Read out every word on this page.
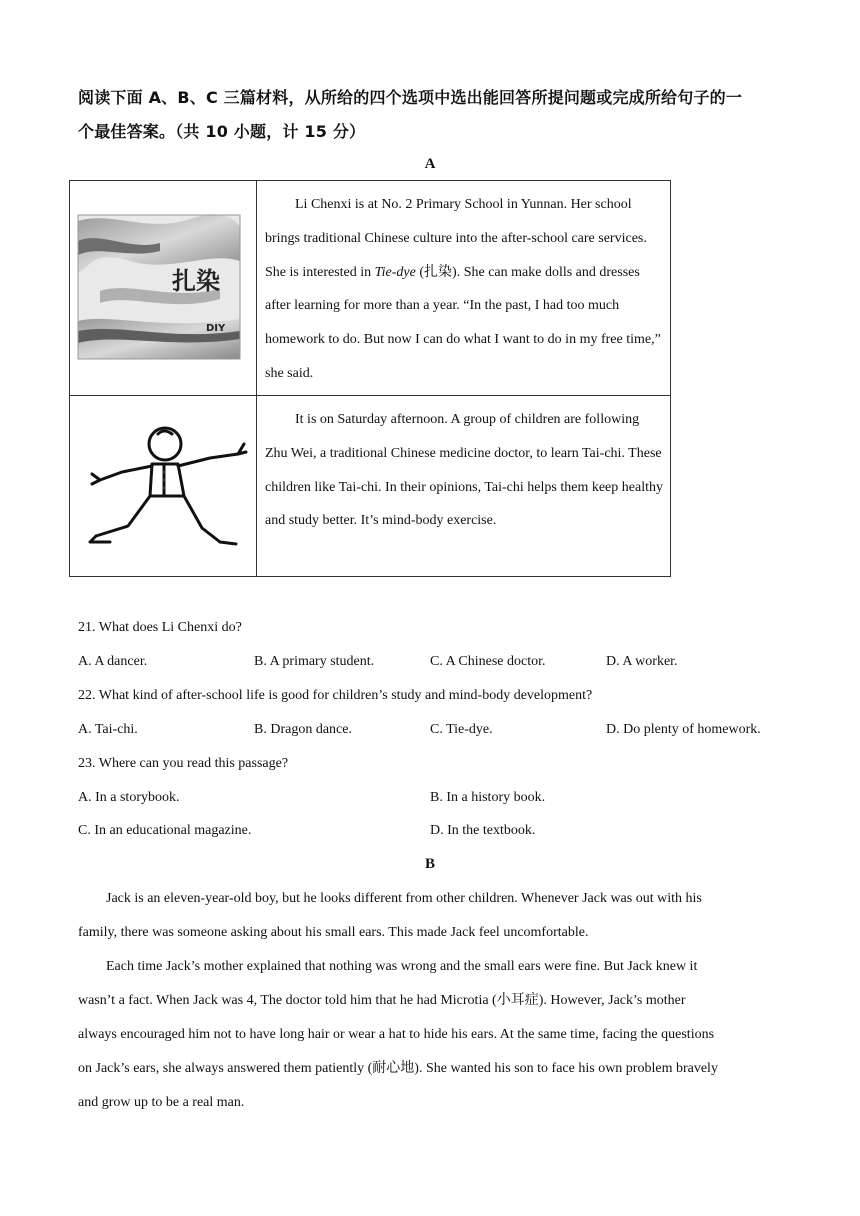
阅读下面 A、B、C 三篇材料，从所给的四个选项中选出能回答所提问题或完成所给句子的一
个最佳答案。（共 10 小题，计 15 分）
A
扎染
DIY	Li Chenxi is at No. 2 Primary School in Yunnan. Her school brings traditional Chinese culture into the after-school care services. She is interested in Tie-dye (扎染). She can make dolls and dresses after learning for more than a year. “In the past, I had too much homework to do. But now I can do what I want to do in my free time,” she said.

It is on Saturday afternoon. A group of children are following Zhu Wei, a traditional Chinese medicine doctor, to learn Tai-chi. These children like Tai-chi. In their opinions, Tai-chi helps them keep healthy and study better. It’s mind-body exercise.
21. What does Li Chenxi do?
A. A dancer.	B. A primary student.	C. A Chinese doctor.	D. A worker.
22. What kind of after-school life is good for children’s study and mind-body development?
A. Tai-chi.	B. Dragon dance.	C. Tie-dye.	D. Do plenty of homework.
23. Where can you read this passage?
A. In a storybook.	B. In a history book.
C. In an educational magazine.	D. In the textbook.
B
Jack is an eleven-year-old boy, but he looks different from other children. Whenever Jack was out with his
family, there was someone asking about his small ears. This made Jack feel uncomfortable.
Each time Jack’s mother explained that nothing was wrong and the small ears were fine. But Jack knew it
wasn’t a fact. When Jack was 4, The doctor told him that he had Microtia (小耳症). However, Jack’s mother
always encouraged him not to have long hair or wear a hat to hide his ears. At the same time, facing the questions
on Jack’s ears, she always answered them patiently (耐心地). She wanted his son to face his own problem bravely
and grow up to be a real man.
